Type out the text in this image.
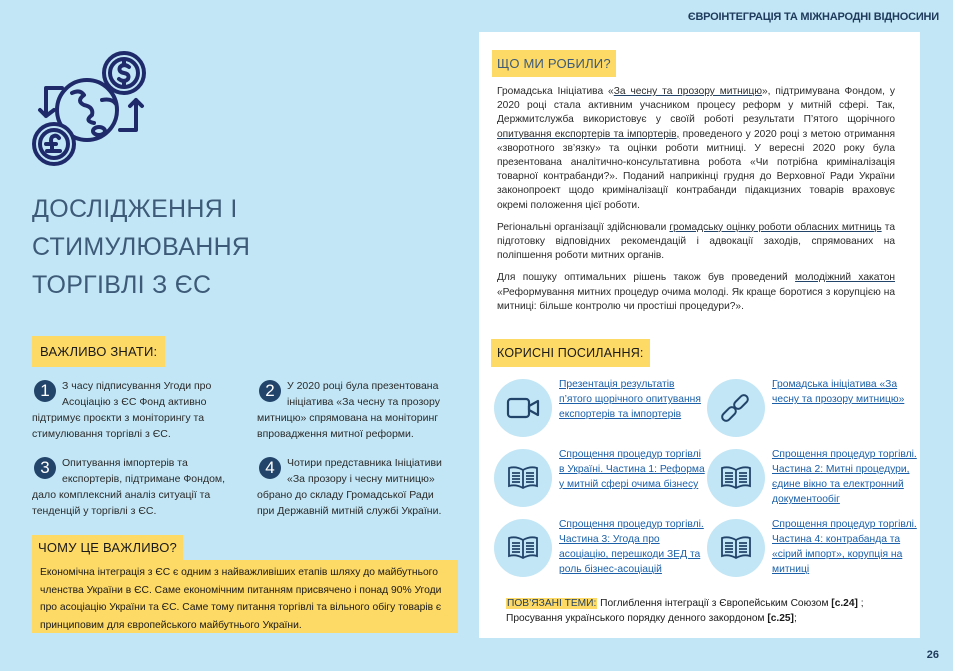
ЄВРОІНТЕГРАЦІЯ ТА МІЖНАРОДНІ ВІДНОСИНИ
ДОСЛІДЖЕННЯ І
СТИМУЛЮВАННЯ
ТОРГІВЛІ З ЄС
ВАЖЛИВО ЗНАТИ:
1	З часу підписування Угоди про Асоціацію з ЄС Фонд активно підтримує проєкти з моніторингу та стимулювання торгівлі з ЄС.
2	У 2020 році була презентована ініціатива «За чесну та прозору митницю» спрямована на моніторинг впровадження митної реформи.
3	Опитування імпортерів та експортерів, підтримане Фондом, дало комплексний аналіз ситуації та тенденцій у торгівлі з ЄС.
4	Чотири представника Ініціативи «За прозору і чесну митницю» обрано до складу Громадської Ради при Державній митній службі України.
ЧОМУ ЦЕ ВАЖЛИВО?
Економічна інтеграція з ЄС є одним з найважливіших етапів шляху до майбутнього членства України в ЄС. Саме економічним питанням присвячено і понад 90% Угоди про асоціацію України та ЄС. Саме тому питання торгівлі та вільного обігу товарів є принциповим для європейського майбутнього України.
ЩО МИ РОБИЛИ?

Громадська Ініціатива «За чесну та прозору митницю», підтримувана Фондом, у 2020 році стала активним учасником процесу реформ у митній сфері. Так, Держмитслужба використовує у своїй роботі результати П’ятого щорічного опитування експортерів та імпортерів, проведеного у 2020 році з метою отримання «зворотного зв’язку» та оцінки роботи митниці. У вересні 2020 року була презентована аналітично-консультативна робота «Чи потрібна криміналізація товарної контрабанди?». Поданий наприкінці грудня до Верховної Ради України законопроект щодо криміналізації контрабанди підакцизних товарів враховує окремі положення цієї роботи.

Регіональні організації здійснювали громадську оцінку роботи обласних митниць та підготовку відповідних рекомендацій і адвокації заходів, спрямованих на поліпшення роботи митних органів.

Для пошуку оптимальних рішень також був проведений молодіжний хакатон «Реформування митних процедур очима молоді. Як краще боротися з корупцією на митниці: більше контролю чи простіші процедури?».

КОРИСНІ ПОСИЛАННЯ:
Презентація результатів п’ятого щорічного опитування експортерів та імпортерів
Громадська ініціатива «За чесну та прозору митницю»
Спрощення процедур торгівлі в Україні. Частина 1: Реформа у митній сфері очима бізнесу
Спрощення процедур торгівлі. Частина 2: Митні процедури, єдине вікно та електронний документообіг
Спрощення процедур торгівлі. Частина 3: Угода про асоціацію, перешкоди ЗЕД та роль бізнес-асоціацій
Спрощення процедур торгівлі. Частина 4: контрабанда та «сірий імпорт», корупція на митниці
ПОВ’ЯЗАНІ ТЕМИ: Поглиблення інтеграції з Європейським Союзом [с.24] ;
Просування українського порядку денного закордоном [с.25];
26
